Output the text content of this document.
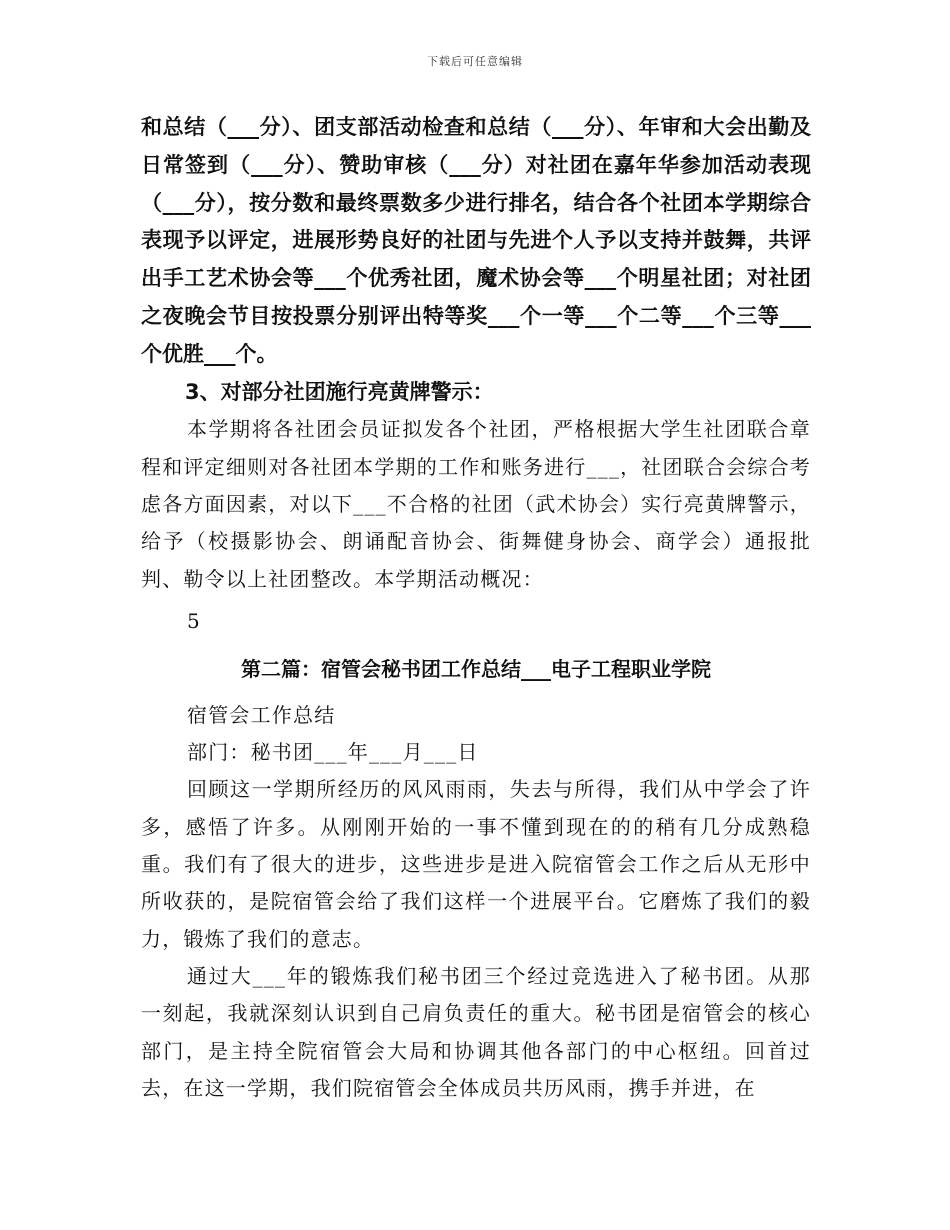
下载后可任意编辑

和总结（___分）、团支部活动检查和总结（___分）、年审和大会出勤及日常签到（___分）、赞助审核（___分）对社团在嘉年华参加活动表现（___分），按分数和最终票数多少进行排名，结合各个社团本学期综合表现予以评定，进展形势良好的社团与先进个人予以支持并鼓舞，共评出手工艺术协会等___个优秀社团，魔术协会等___个明星社团；对社团之夜晚会节目按投票分别评出特等奖___个一等___个二等___个三等___个优胜___个。

3、对部分社团施行亮黄牌警示：

本学期将各社团会员证拟发各个社团，严格根据大学生社团联合章程和评定细则对各社团本学期的工作和账务进行___，社团联合会综合考虑各方面因素，对以下___不合格的社团（武术协会）实行亮黄牌警示，给予（校摄影协会、朗诵配音协会、街舞健身协会、商学会）通报批判、勒令以上社团整改。本学期活动概况：

5

第二篇：宿管会秘书团工作总结___电子工程职业学院

宿管会工作总结

部门：秘书团___年___月___日

回顾这一学期所经历的风风雨雨，失去与所得，我们从中学会了许多，感悟了许多。从刚刚开始的一事不懂到现在的的稍有几分成熟稳重。我们有了很大的进步，这些进步是进入院宿管会工作之后从无形中所收获的，是院宿管会给了我们这样一个进展平台。它磨炼了我们的毅力，锻炼了我们的意志。

通过大___年的锻炼我们秘书团三个经过竞选进入了秘书团。从那一刻起，我就深刻认识到自己肩负责任的重大。秘书团是宿管会的核心部门，是主持全院宿管会大局和协调其他各部门的中心枢纽。回首过去，在这一学期，我们院宿管会全体成员共历风雨，携手并进，在
